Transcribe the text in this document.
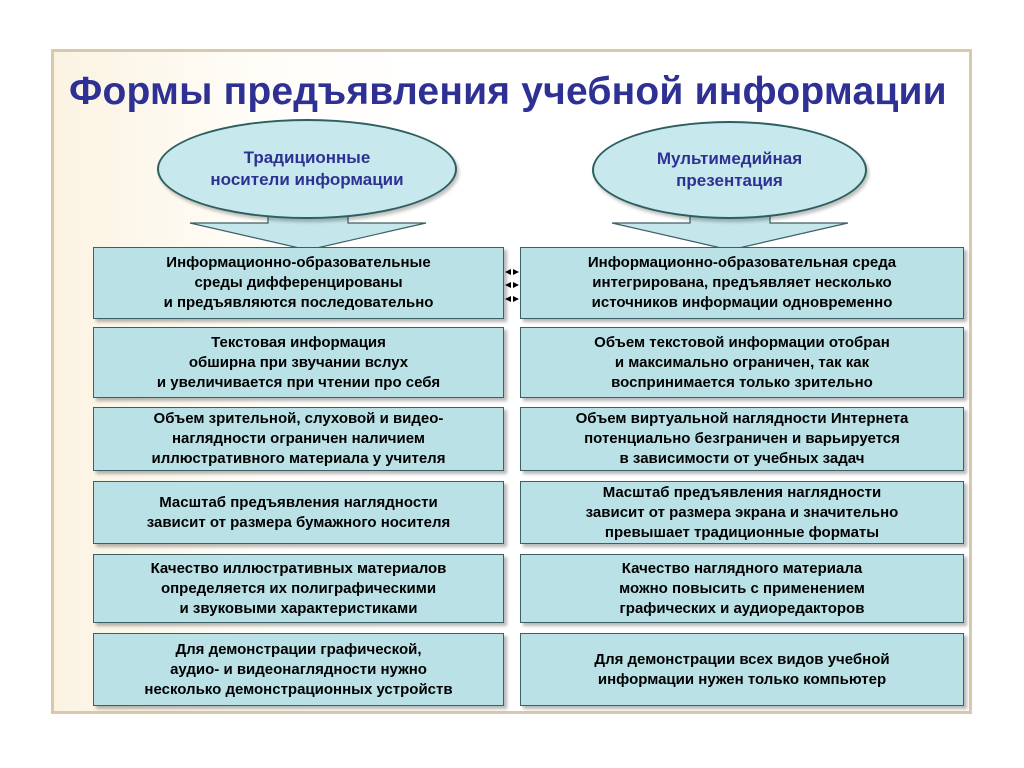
Формы предъявления учебной информации
Традиционные
носители информации
Мультимедийная
презентация
Информационно-образовательные
среды дифференцированы
и предъявляются последовательно
Текстовая информация
обширна при звучании вслух
и увеличивается при чтении про себя
Объем зрительной, слуховой и видео-
наглядности ограничен наличием
иллюстративного материала у учителя
Масштаб предъявления наглядности
зависит от размера бумажного носителя
Качество иллюстративных материалов
определяется их полиграфическими
и звуковыми характеристиками
Для демонстрации графической,
аудио- и видеонаглядности нужно
несколько демонстрационных устройств
Информационно-образовательная среда
интегрирована, предъявляет несколько
источников информации одновременно
Объем текстовой информации отобран
и максимально ограничен, так как
воспринимается только зрительно
Объем виртуальной наглядности Интернета
потенциально безграничен и варьируется
в зависимости от учебных задач
Масштаб предъявления наглядности
зависит от размера экрана и значительно
превышает традиционные форматы
Качество наглядного материала
можно повысить с применением
графических и аудиоредакторов
Для демонстрации всех видов учебной
информации нужен только компьютер
